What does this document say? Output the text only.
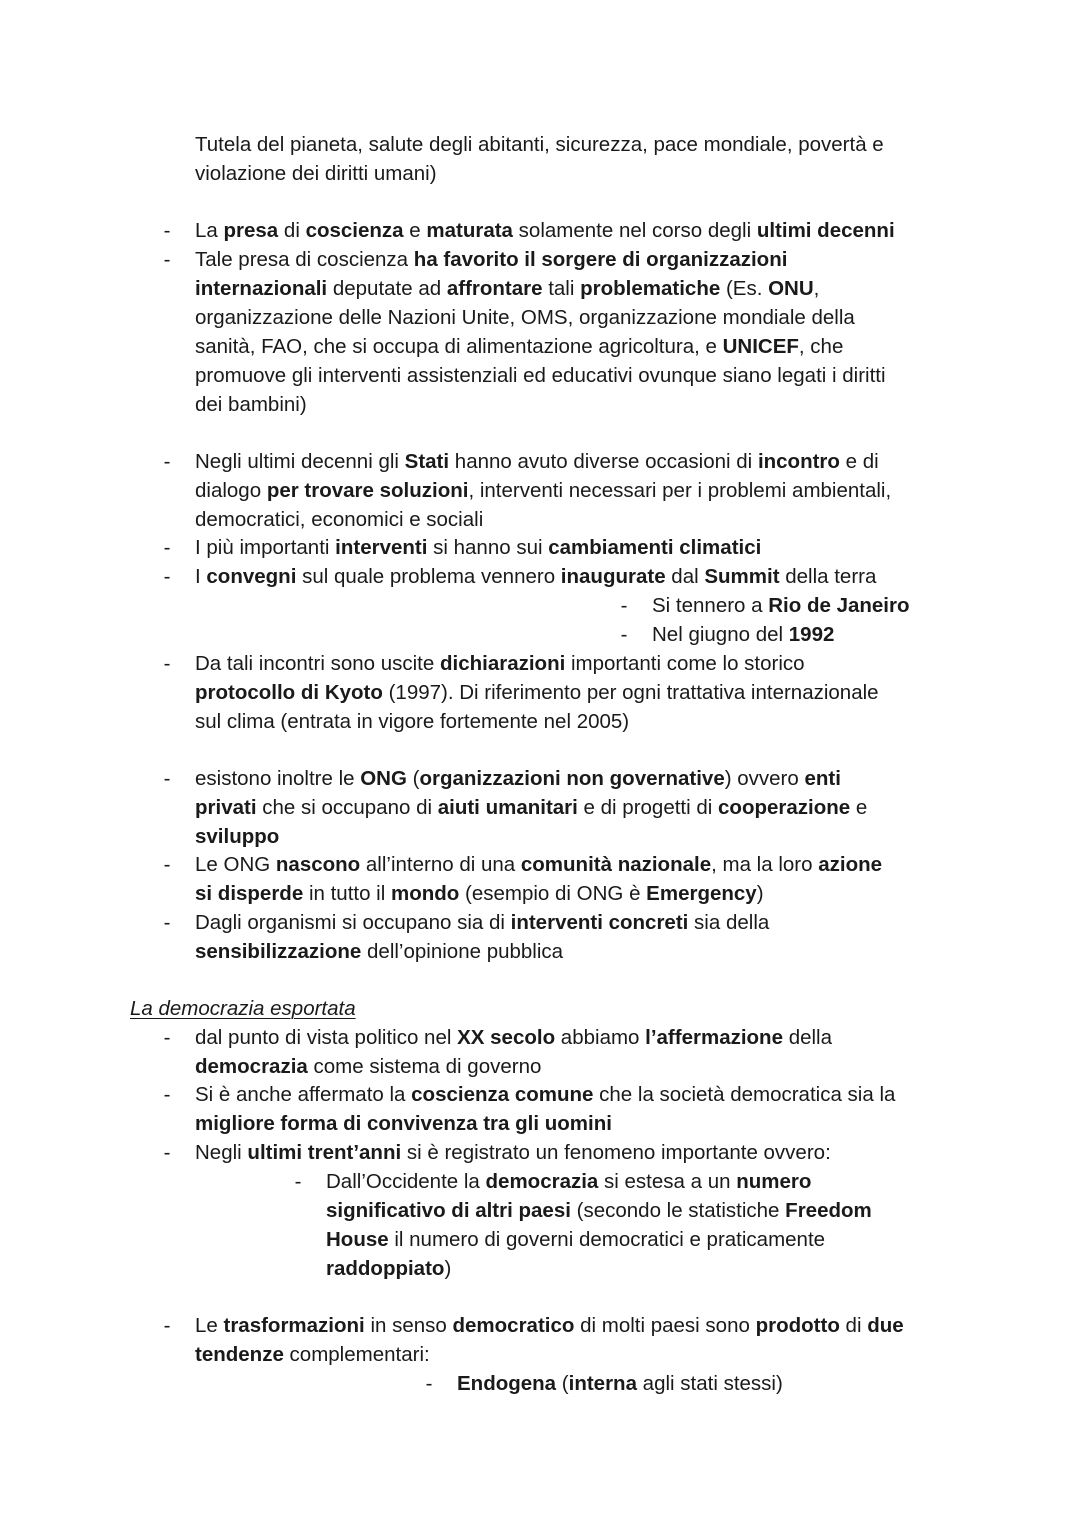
La democrazia esportata
Tutela del pianeta, salute degli abitanti, sicurezza, pace mondiale, povertà e
violazione dei diritti umani)
- La presa di coscienza e maturata solamente nel corso degli ultimi decenni
- Tale presa di coscienza ha favorito il sorgere di organizzazioni
internazionali deputate ad affrontare tali problematiche (Es. ONU,
organizzazione delle Nazioni Unite, OMS, organizzazione mondiale della
sanità, FAO, che si occupa di alimentazione agricoltura, e UNICEF, che
promuove gli interventi assistenziali ed educativi ovunque siano legati i diritti
dei bambini)
- Negli ultimi decenni gli Stati hanno avuto diverse occasioni di incontro e di
dialogo per trovare soluzioni, interventi necessari per i problemi ambientali,
democratici, economici e sociali
- I più importanti interventi si hanno sui cambiamenti climatici
- I convegni sul quale problema vennero inaugurate dal Summit della terra
- Si tennero a Rio de Janeiro
- Nel giugno del 1992
- Da tali incontri sono uscite dichiarazioni importanti come lo storico
protocollo di Kyoto (1997). Di riferimento per ogni trattativa internazionale
sul clima (entrata in vigore fortemente nel 2005)
- esistono inoltre le ONG (organizzazioni non governative) ovvero enti
privati che si occupano di aiuti umanitari e di progetti di cooperazione e
sviluppo
- Le ONG nascono all’interno di una comunità nazionale, ma la loro azione
si disperde in tutto il mondo (esempio di ONG è Emergency)
- Dagli organismi si occupano sia di interventi concreti sia della
sensibilizzazione dell’opinione pubblica
- dal punto di vista politico nel XX secolo abbiamo l’affermazione della
democrazia come sistema di governo
- Si è anche affermato la coscienza comune che la società democratica sia la
migliore forma di convivenza tra gli uomini
- Negli ultimi trent’anni si è registrato un fenomeno importante ovvero:
- Dall’Occidente la democrazia si estesa a un numero
significativo di altri paesi (secondo le statistiche Freedom
House il numero di governi democratici e praticamente
raddoppiato)
- Le trasformazioni in senso democratico di molti paesi sono prodotto di due
tendenze complementari:
- Endogena (interna agli stati stessi)
